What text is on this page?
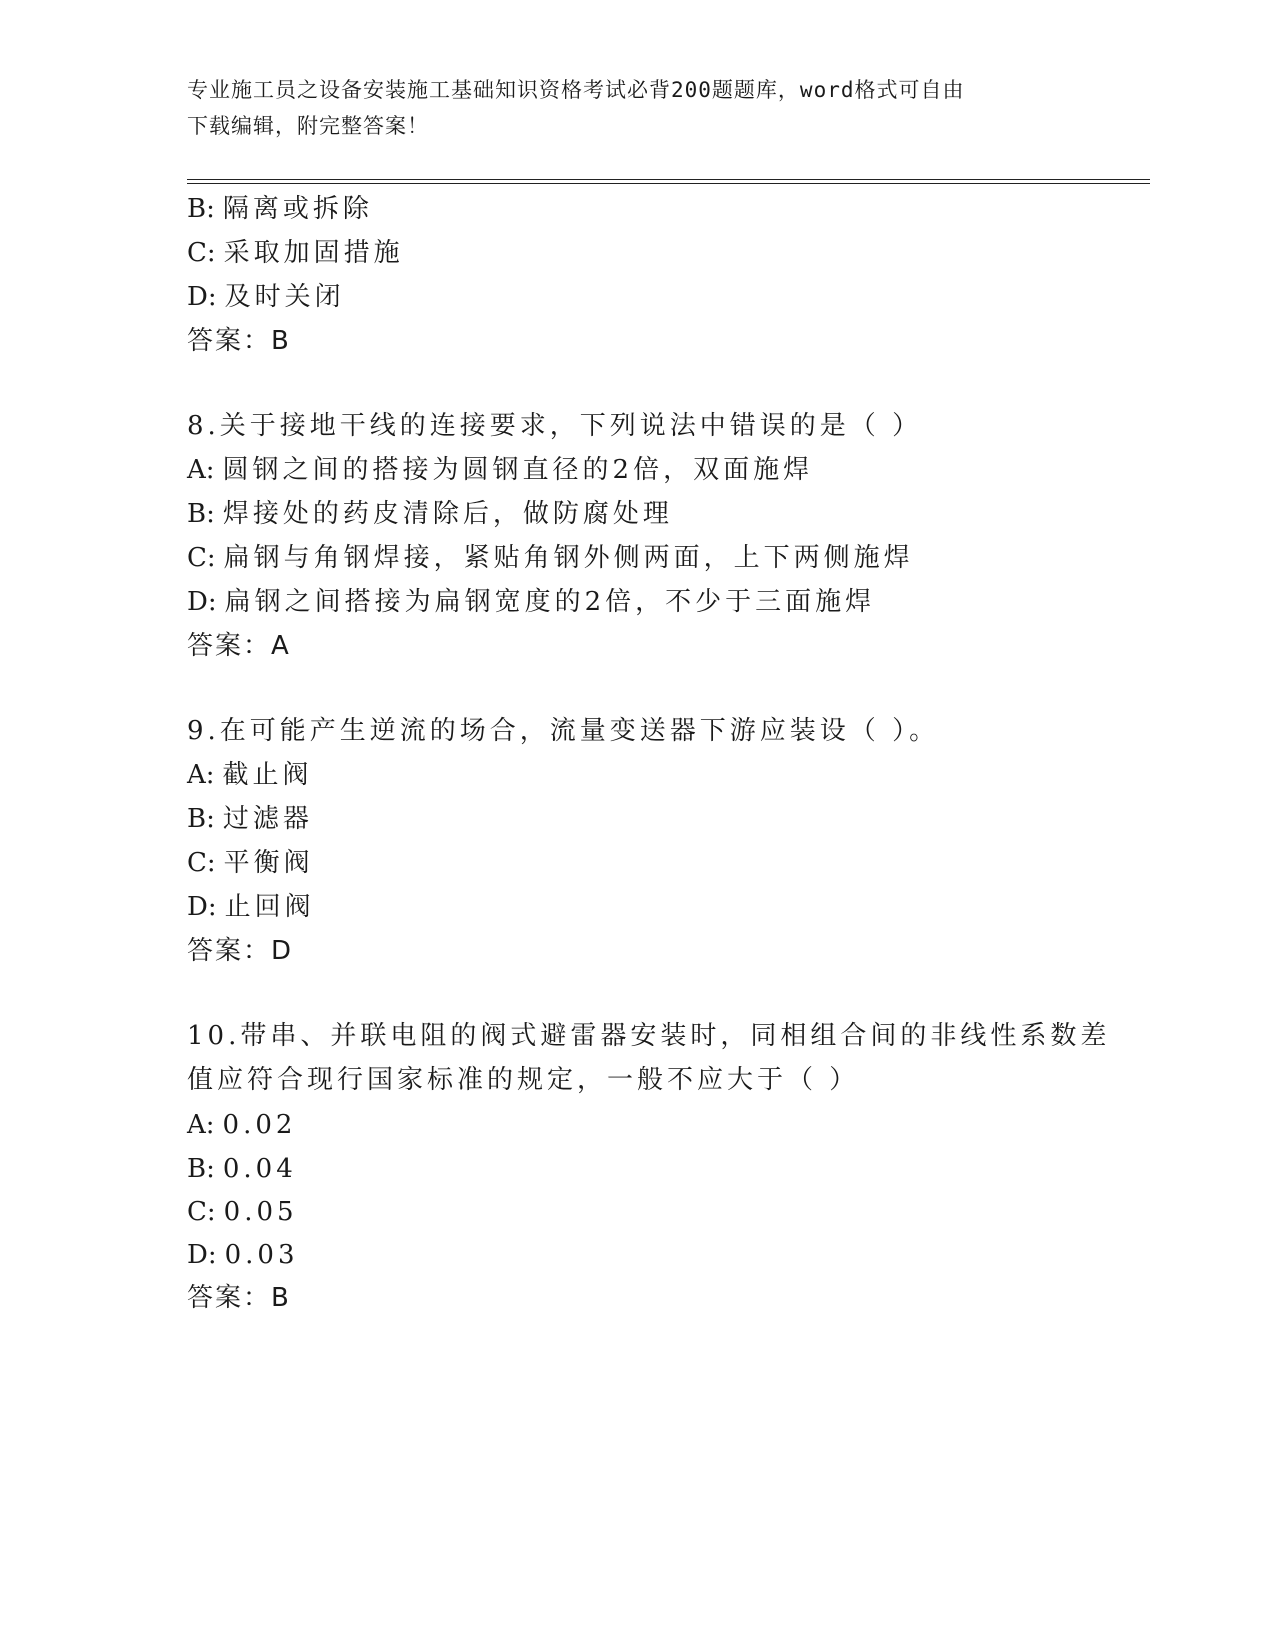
专业施工员之设备安装施工基础知识资格考试必背200题题库，word格式可自由
下载编辑，附完整答案！
B: 隔离或拆除
C: 采取加固措施
D: 及时关闭
答案：B
8.关于接地干线的连接要求，下列说法中错误的是（ ）
A: 圆钢之间的搭接为圆钢直径的2倍，双面施焊
B: 焊接处的药皮清除后，做防腐处理
C: 扁钢与角钢焊接，紧贴角钢外侧两面，上下两侧施焊
D: 扁钢之间搭接为扁钢宽度的2倍，不少于三面施焊
答案：A
9.在可能产生逆流的场合，流量变送器下游应装设（ ）。
A: 截止阀
B: 过滤器
C: 平衡阀
D: 止回阀
答案：D
10.带串、并联电阻的阀式避雷器安装时，同相组合间的非线性系数差
值应符合现行国家标准的规定，一般不应大于（ ）
A: 0.02
B: 0.04
C: 0.05
D: 0.03
答案：B
